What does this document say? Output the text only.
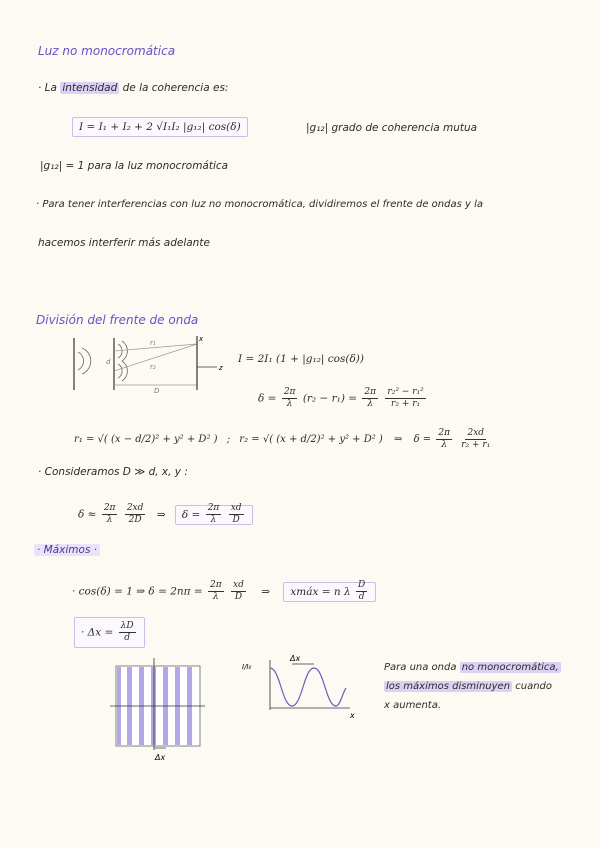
Luz no monocromática
· La intensidad de la coherencia es:
I = I₁ + I₂ + 2 √I₁I₂ |g₁₂| cos(δ)	|g₁₂| grado de coherencia mutua
|g₁₂| = 1 para la luz monocromática
· Para tener interferencias con luz no monocromática, dividiremos el frente de ondas y la
hacemos interferir más adelante
División del frente de onda
x
z
r₁
r₂
d
D
I = 2I₁ (1 + |g₁₂| cos(δ))
$\delta = \frac{2\pi}{\lambda} (r_2 - r_1) = \frac{2\pi}{\lambda}$
$\frac{\text{r₂² − r₁²}}{\text{r₂ + r₁}}$
r₁ = √( (x − d/2)² + y² + D² ) ; r₂ = √( (x + d/2)² + y² + D² ) ⇒ $\delta = \frac{2\pi}{\lambda}$
$\frac{2xd}{\text{r₂ + r₁}}$
· Consideramos D ≫ d, x, y :
$\delta \approx \frac{2\pi}{\lambda}$
$\frac{2xd}{2D}$ ⇒ $\delta = \frac{2\pi}{\lambda}$
$\frac{xd}{D}$
· Máximos ·
· cos(δ) = 1 ⇒ $\delta = 2n\pi = \frac{2\pi}{\lambda}$
$\frac{xd}{D}$ ⇒ xmáx = n λ $\frac{D}{d}$
· $\Delta x = \frac{\lambda D}{d}$
Δx
I/I₀
Δx
x
Para una onda no monocromática,
los máximos disminuyen cuando
x aumenta.
